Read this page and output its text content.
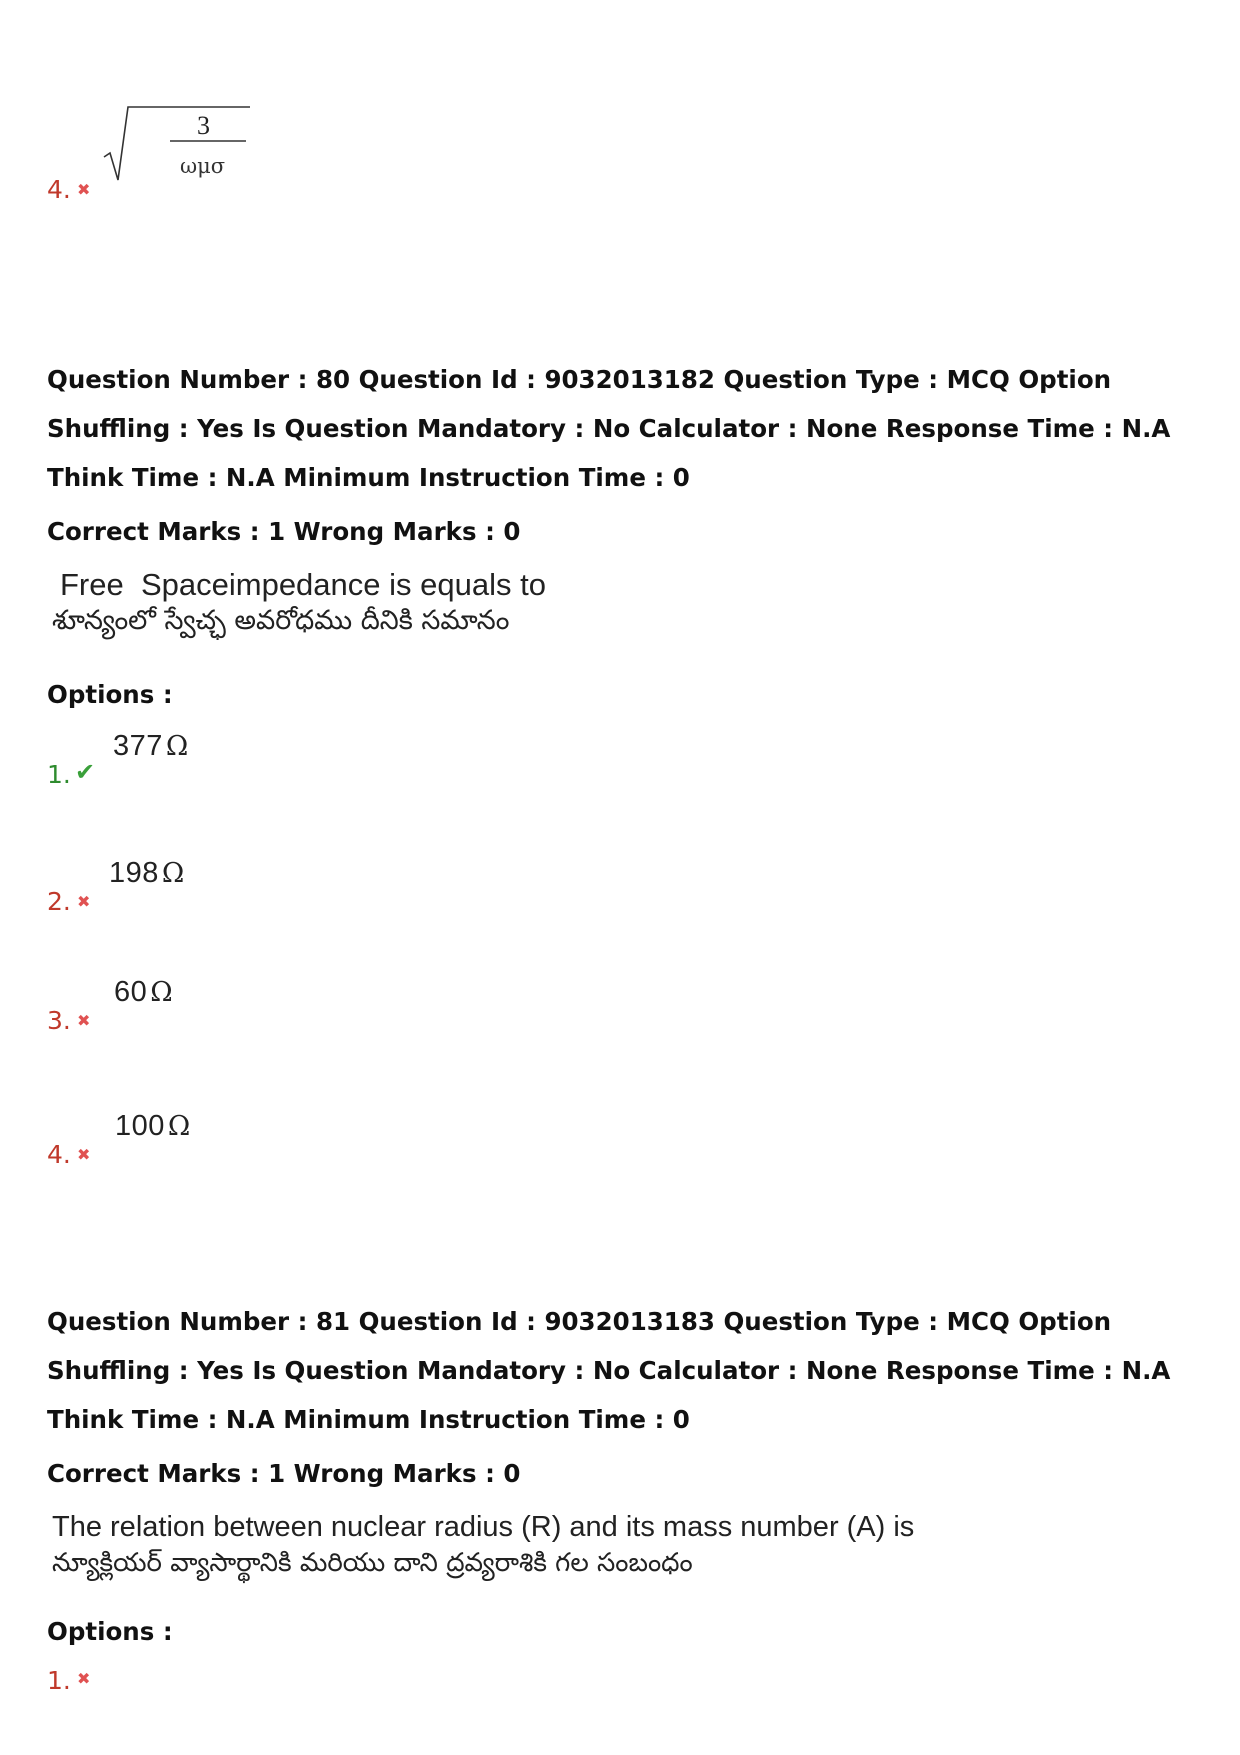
4. ✖
3
ωμσ
Question Number : 80 Question Id : 9032013182 Question Type : MCQ Option Shuffling : Yes Is Question Mandatory : No Calculator : None Response Time : N.A Think Time : N.A Minimum Instruction Time : 0
Correct Marks : 1 Wrong Marks : 0
Free  Spaceimpedance is equals to
శూన్యంలో స్వేచ్ఛ అవరోధము దీనికి సమానం
Options :
1. ✔
377 Ω
2. ✖
198 Ω
3. ✖
60 Ω
4. ✖
100 Ω
Question Number : 81 Question Id : 9032013183 Question Type : MCQ Option Shuffling : Yes Is Question Mandatory : No Calculator : None Response Time : N.A Think Time : N.A Minimum Instruction Time : 0
Correct Marks : 1 Wrong Marks : 0
The relation between nuclear radius (R) and its mass number (A) is
న్యూక్లియర్ వ్యాసార్థానికి మరియు దాని ద్రవ్యరాశికి గల సంబంధం
Options :
1. ✖
